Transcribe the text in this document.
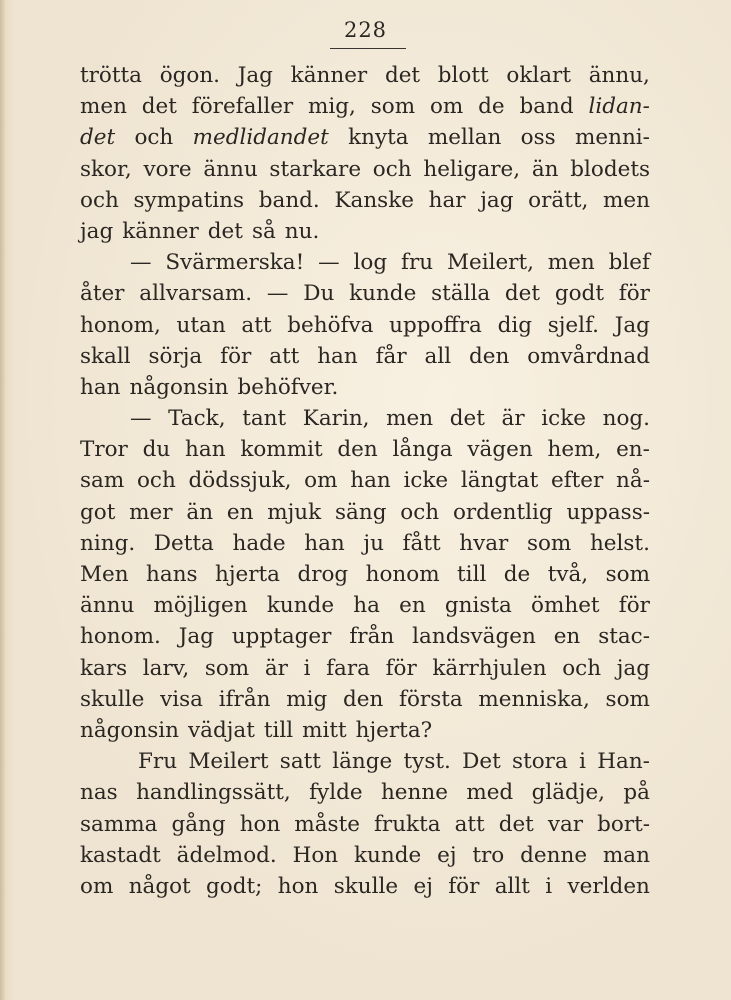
228
trötta ögon. Jag känner det blott oklart ännu,
men det förefaller mig, som om de band lidan-
det och medlidandet knyta mellan oss menni-
skor, vore ännu starkare och heligare, än blodets
och sympatins band. Kanske har jag orätt, men
jag känner det så nu.
— Svärmerska! — log fru Meilert, men blef
åter allvarsam. — Du kunde ställa det godt för
honom, utan att behöfva uppoffra dig sjelf. Jag
skall sörja för att han får all den omvårdnad
han någonsin behöfver.
— Tack, tant Karin, men det är icke nog.
Tror du han kommit den långa vägen hem, en-
sam och dödssjuk, om han icke längtat efter nå-
got mer än en mjuk säng och ordentlig uppass-
ning. Detta hade han ju fått hvar som helst.
Men hans hjerta drog honom till de två, som
ännu möjligen kunde ha en gnista ömhet för
honom. Jag upptager från landsvägen en stac-
kars larv, som är i fara för kärrhjulen och jag
skulle visa ifrån mig den första menniska, som
någonsin vädjat till mitt hjerta?
Fru Meilert satt länge tyst. Det stora i Han-
nas handlingssätt, fylde henne med glädje, på
samma gång hon måste frukta att det var bort-
kastadt ädelmod. Hon kunde ej tro denne man
om något godt; hon skulle ej för allt i verlden
